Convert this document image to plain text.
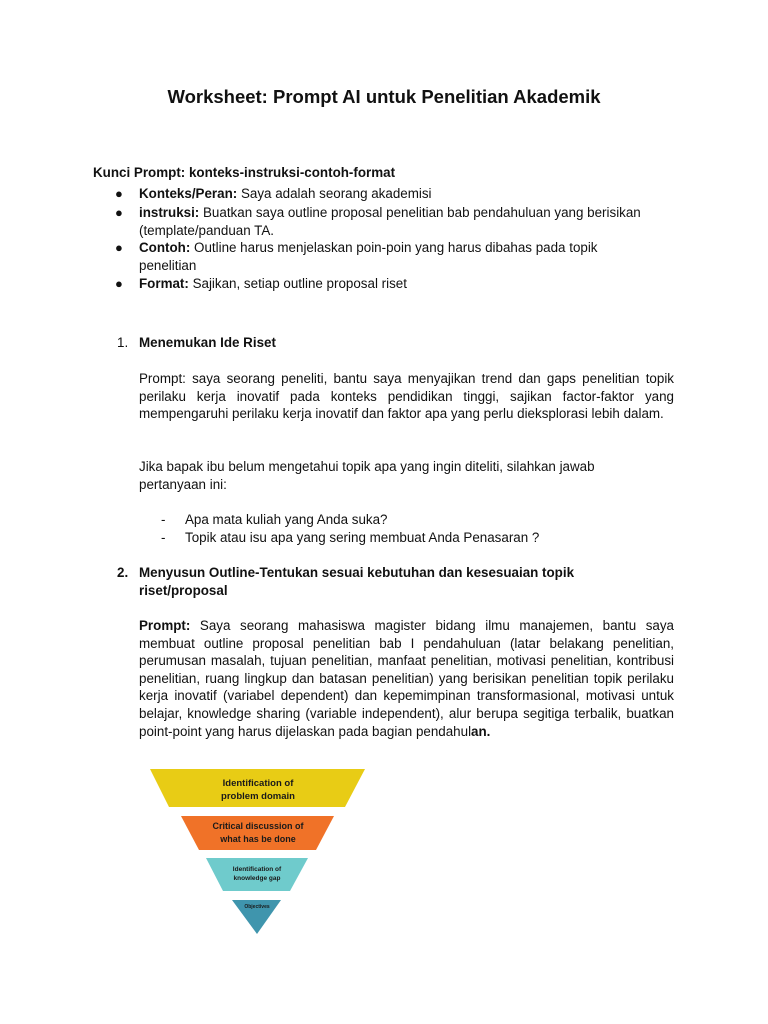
Worksheet: Prompt AI untuk Penelitian Akademik
Kunci Prompt: konteks-instruksi-contoh-format
● Konteks/Peran: Saya adalah seorang akademisi
● instruksi: Buatkan saya outline proposal penelitian bab pendahuluan yang berisikan (template/panduan TA.
● Contoh: Outline harus menjelaskan poin-poin yang harus dibahas pada topik penelitian
● Format: Sajikan, setiap outline proposal riset
1. Menemukan Ide Riset
Prompt: saya seorang peneliti, bantu saya menyajikan trend dan gaps penelitian topik perilaku kerja inovatif pada konteks pendidikan tinggi, sajikan factor-faktor yang mempengaruhi perilaku kerja inovatif dan faktor apa yang perlu dieksplorasi lebih dalam.
Jika bapak ibu belum mengetahui topik apa yang ingin diteliti, silahkan jawab pertanyaan ini:
- Apa mata kuliah yang Anda suka?
- Topik atau isu apa yang sering membuat Anda Penasaran ?
2. Menyusun Outline-Tentukan sesuai kebutuhan dan kesesuaian topik riset/proposal
Prompt: Saya seorang mahasiswa magister bidang ilmu manajemen, bantu saya membuat outline proposal penelitian bab I pendahuluan (latar belakang penelitian, perumusan masalah, tujuan penelitian, manfaat penelitian, motivasi penelitian, kontribusi penelitian, ruang lingkup dan batasan penelitian) yang berisikan penelitian topik perilaku kerja inovatif (variabel dependent) dan kepemimpinan transformasional, motivasi untuk belajar, knowledge sharing (variable independent), alur berupa segitiga terbalik, buatkan point-point yang harus dijelaskan pada bagian pendahulan.
Identification of
problem domain
Critical discussion of
what has be done
Identification of
knowledge gap
Objectives
